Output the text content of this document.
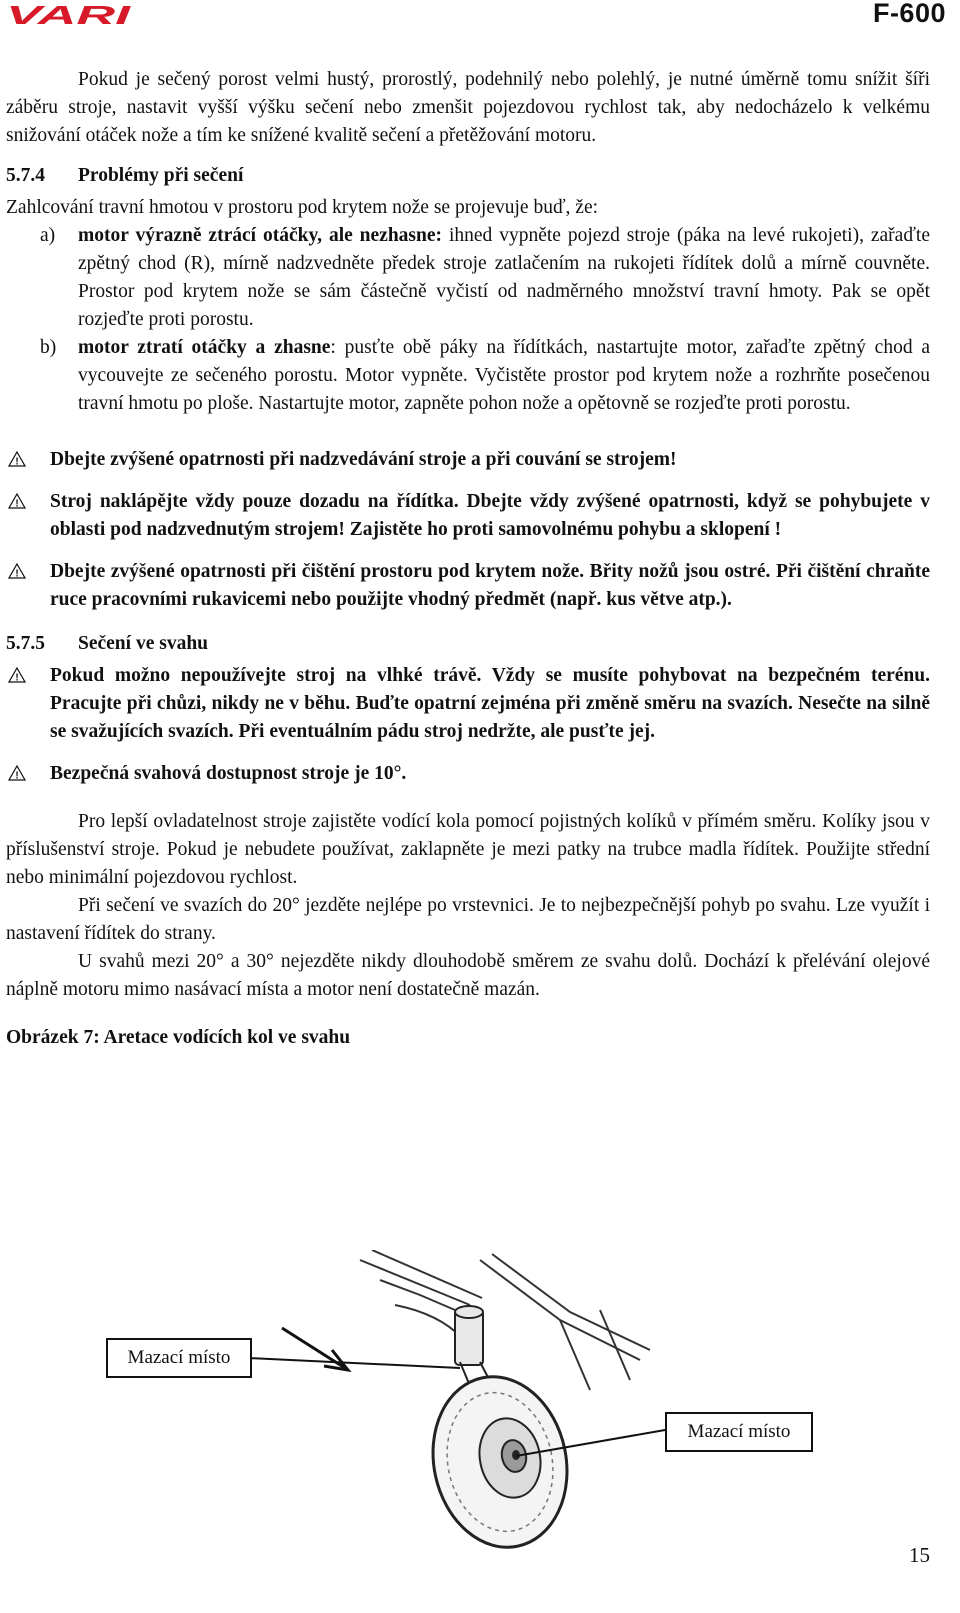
VARI	F-600

Pokud je sečený porost velmi hustý, prorostlý, podehnilý nebo polehlý, je nutné úměrně tomu snížit šíři záběru stroje, nastavit vyšší výšku sečení nebo zmenšit pojezdovou rychlost tak, aby nedocházelo k velkému snižování otáček nože a tím ke snížené kvalitě sečení a přetěžování motoru.

5.7.4	Problémy při sečení

Zahlcování travní hmotou v prostoru pod krytem nože se projevuje buď, že:

a)	motor výrazně ztrácí otáčky, ale nezhasne: ihned vypněte pojezd stroje (páka na levé rukojeti), zařaďte zpětný chod (R), mírně nadzvedněte předek stroje zatlačením na rukojeti řídítek dolů a mírně couvněte. Prostor pod krytem nože se sám částečně vyčistí od nadměrného množství travní hmoty. Pak se opět rozjeďte proti porostu.
b)	motor ztratí otáčky a zhasne: pusťte obě páky na řídítkách, nastartujte motor, zařaďte zpětný chod a vycouvejte ze sečeného porostu. Motor vypněte. Vyčistěte prostor pod krytem nože a rozhrňte posečenou travní hmotu po ploše. Nastartujte motor, zapněte pohon nože a opětovně se rozjeďte proti porostu.
! Dbejte zvýšené opatrnosti při nadzvedávání stroje a při couvání se strojem!
! Stroj naklápějte vždy pouze dozadu na řídítka. Dbejte vždy zvýšené opatrnosti, když se pohybujete v oblasti pod nadzvednutým strojem! Zajistěte ho proti samovolnému pohybu a sklopení !
! Dbejte zvýšené opatrnosti při čištění prostoru pod krytem nože. Břity nožů jsou ostré. Při čištění chraňte ruce pracovními rukavicemi nebo použijte vhodný předmět (např. kus větve atp.).
5.7.5	Sečení ve svahu
! Pokud možno nepoužívejte stroj na vlhké trávě. Vždy se musíte pohybovat na bezpečném terénu. Pracujte při chůzi, nikdy ne v běhu. Buďte opatrní zejména při změně směru na svazích. Nesečte na silně se svažujících svazích. Při eventuálním pádu stroj nedržte, ale pusťte jej.
! Bezpečná svahová dostupnost stroje je 10°.

Pro lepší ovladatelnost stroje zajistěte vodící kola pomocí pojistných kolíků v přímém směru. Kolíky jsou v příslušenství stroje. Pokud je nebudete používat, zaklapněte je mezi patky na trubce madla řídítek. Použijte střední nebo minimální pojezdovou rychlost.

Při sečení ve svazích do 20° jezděte nejlépe po vrstevnici. Je to nejbezpečnější pohyb po svahu. Lze využít i nastavení řídítek do strany.

U svahů mezi 20° a 30° nejezděte nikdy dlouhodobě směrem ze svahu dolů. Dochází k přelévání olejové náplně motoru mimo nasávací místa a motor není dostatečně mazán.

Obrázek 7: Aretace vodících kol ve svahu

Mazací místo
Mazací místo
15
